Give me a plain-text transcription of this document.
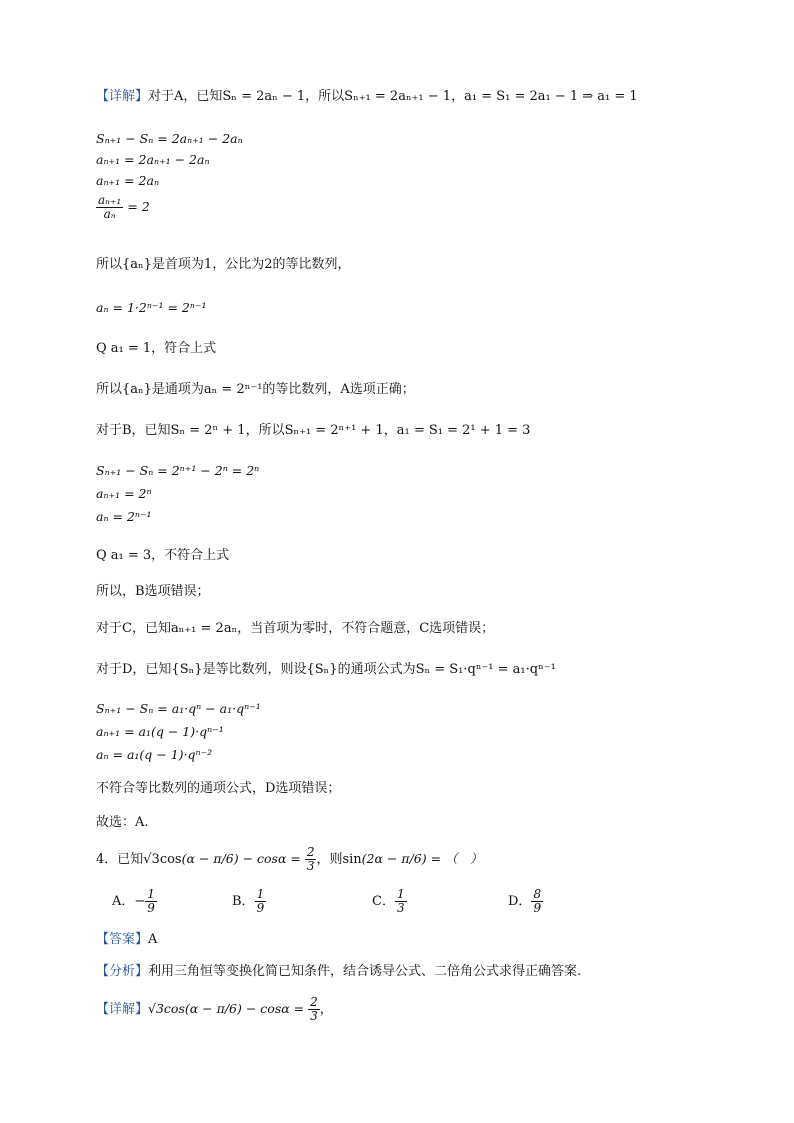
【详解】对于A，已知Sₙ = 2aₙ − 1，所以Sₙ₊₁ = 2aₙ₊₁ − 1，a₁ = S₁ = 2a₁ − 1 ⇒ a₁ = 1
Sₙ₊₁ − Sₙ = 2aₙ₊₁ − 2aₙ
aₙ₊₁ = 2aₙ₊₁ − 2aₙ
aₙ₊₁ = 2aₙ
$\frac{\text{aₙ₊₁}}{\text{aₙ}} = 2$
所以{aₙ}是首项为1，公比为2的等比数列，
aₙ = 1·2ⁿ⁻¹ = 2ⁿ⁻¹
Q a₁ = 1，符合上式
所以{aₙ}是通项为aₙ = 2ⁿ⁻¹的等比数列，A选项正确；
对于B，已知Sₙ = 2ⁿ + 1，所以Sₙ₊₁ = 2ⁿ⁺¹ + 1，a₁ = S₁ = 2¹ + 1 = 3
Sₙ₊₁ − Sₙ = 2ⁿ⁺¹ − 2ⁿ = 2ⁿ
aₙ₊₁ = 2ⁿ
aₙ = 2ⁿ⁻¹
Q a₁ = 3，不符合上式
所以，B选项错误；
对于C，已知aₙ₊₁ = 2aₙ，当首项为零时，不符合题意，C选项错误；
对于D，已知{Sₙ}是等比数列，则设{Sₙ}的通项公式为Sₙ = S₁·qⁿ⁻¹ = a₁·qⁿ⁻¹
Sₙ₊₁ − Sₙ = a₁·qⁿ − a₁·qⁿ⁻¹
aₙ₊₁ = a₁(q − 1)·qⁿ⁻¹
aₙ = a₁(q − 1)·qⁿ⁻²
不符合等比数列的通项公式，D选项错误；
故选：A.
4．已知$√3\cos(\alpha - \pi/6) - \cos\alpha = \frac{2}{3}$ ，则sin(2α − π/6) = （　）
A．− $\frac{1}{9}$	B． $\frac{1}{9}$	C． $\frac{1}{3}$	D． $\frac{8}{9}$
【答案】A
【分析】利用三角恒等变换化简已知条件，结合诱导公式、二倍角公式求得正确答案.
【详解】$√3\cos(\alpha - \pi/6) - \cos\alpha = \frac{2}{3}$ ，
